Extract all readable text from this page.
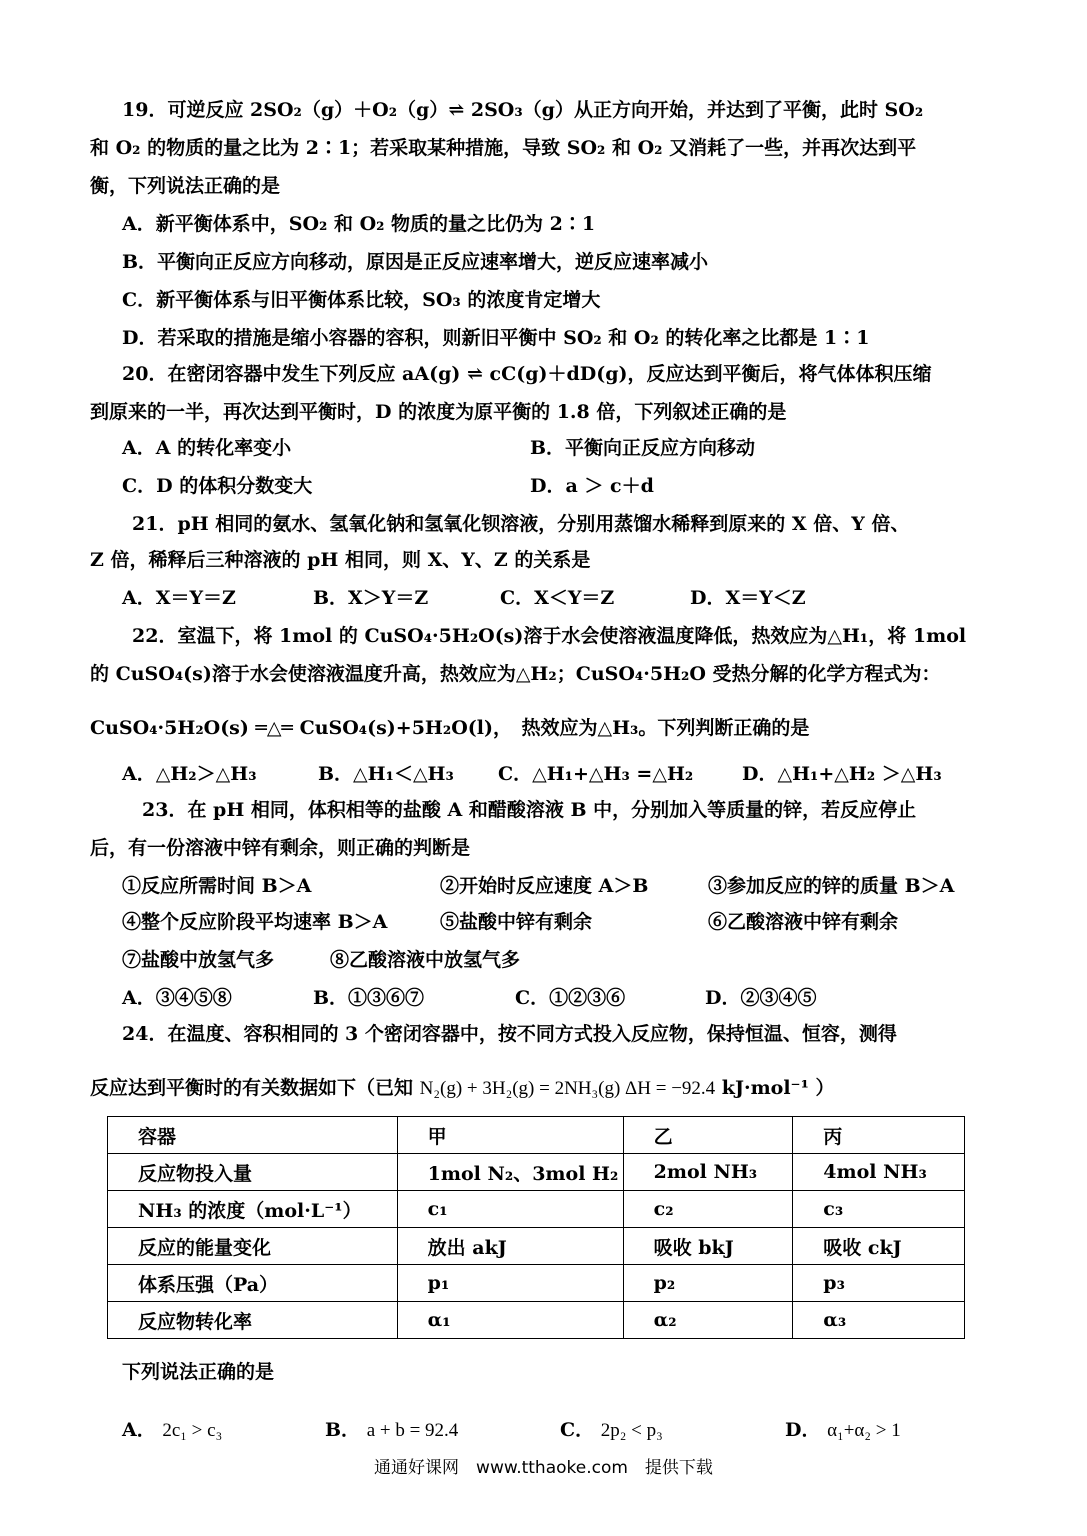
19．可逆反应 2SO₂（g）＋O₂（g）⇌ 2SO₃（g）从正方向开始，并达到了平衡，此时 SO₂
和 O₂ 的物质的量之比为 2∶1；若采取某种措施，导致 SO₂ 和 O₂ 又消耗了一些，并再次达到平
衡，下列说法正确的是
A．新平衡体系中，SO₂ 和 O₂ 物质的量之比仍为 2∶1
B．平衡向正反应方向移动，原因是正反应速率增大，逆反应速率减小
C．新平衡体系与旧平衡体系比较，SO₃ 的浓度肯定增大
D．若采取的措施是缩小容器的容积，则新旧平衡中 SO₂ 和 O₂ 的转化率之比都是 1∶1
20．在密闭容器中发生下列反应 aA(g) ⇌ cC(g)＋dD(g)，反应达到平衡后，将气体体积压缩
到原来的一半，再次达到平衡时，D 的浓度为原平衡的 1.8 倍，下列叙述正确的是
A．A 的转化率变小	B．平衡向正反应方向移动
C．D 的体积分数变大	D．a ＞ c＋d
21．pH 相同的氨水、氢氧化钠和氢氧化钡溶液，分别用蒸馏水稀释到原来的 X 倍、Y 倍、
Z 倍，稀释后三种溶液的 pH 相同，则 X、Y、Z 的关系是
A．X＝Y＝Z	B．X＞Y＝Z	C．X＜Y＝Z	D．X＝Y＜Z
22．室温下，将 1mol 的 CuSO₄·5H₂O(s)溶于水会使溶液温度降低，热效应为△H₁，将 1mol
的 CuSO₄(s)溶于水会使溶液温度升高，热效应为△H₂；CuSO₄·5H₂O 受热分解的化学方程式为：
CuSO₄·5H₂O(s) ═△═ CuSO₄(s)+5H₂O(l)，　热效应为△H₃。下列判断正确的是
A．△H₂＞△H₃	B．△H₁＜△H₃ C．△H₁+△H₃ =△H₂	D．△H₁+△H₂ ＞△H₃
23．在 pH 相同，体积相等的盐酸 A 和醋酸溶液 B 中，分别加入等质量的锌，若反应停止
后，有一份溶液中锌有剩余，则正确的判断是
①反应所需时间 B＞A	②开始时反应速度 A＞B	③参加反应的锌的质量 B＞A
④整个反应阶段平均速率 B＞A	⑤盐酸中锌有剩余	⑥乙酸溶液中锌有剩余
⑦盐酸中放氢气多	⑧乙酸溶液中放氢气多
A．③④⑤⑧	B．①③⑥⑦	C．①②③⑥	D．②③④⑤
24．在温度、容积相同的 3 个密闭容器中，按不同方式投入反应物，保持恒温、恒容，测得
反应达到平衡时的有关数据如下（已知 N₂(g) + 3H₂(g) = 2NH₃(g) ΔH = −92.4 kJ·mol⁻¹ ）
容器	甲	乙	丙
反应物投入量	1mol N₂、3mol H₂	2mol NH₃	4mol NH₃
NH₃ 的浓度（mol·L⁻¹）	c₁	c₂	c₃
反应的能量变化	放出 akJ	吸收 bkJ	吸收 ckJ
体系压强（Pa）	p₁	p₂	p₃
反应物转化率	α₁	α₂	α₃
下列说法正确的是
A． 2c₁ > c₃	B． a + b = 92.4	C． 2p₂ < p₃	D． α₁+α₂ > 1
通通好课网　www.tthaoke.com　提供下载
